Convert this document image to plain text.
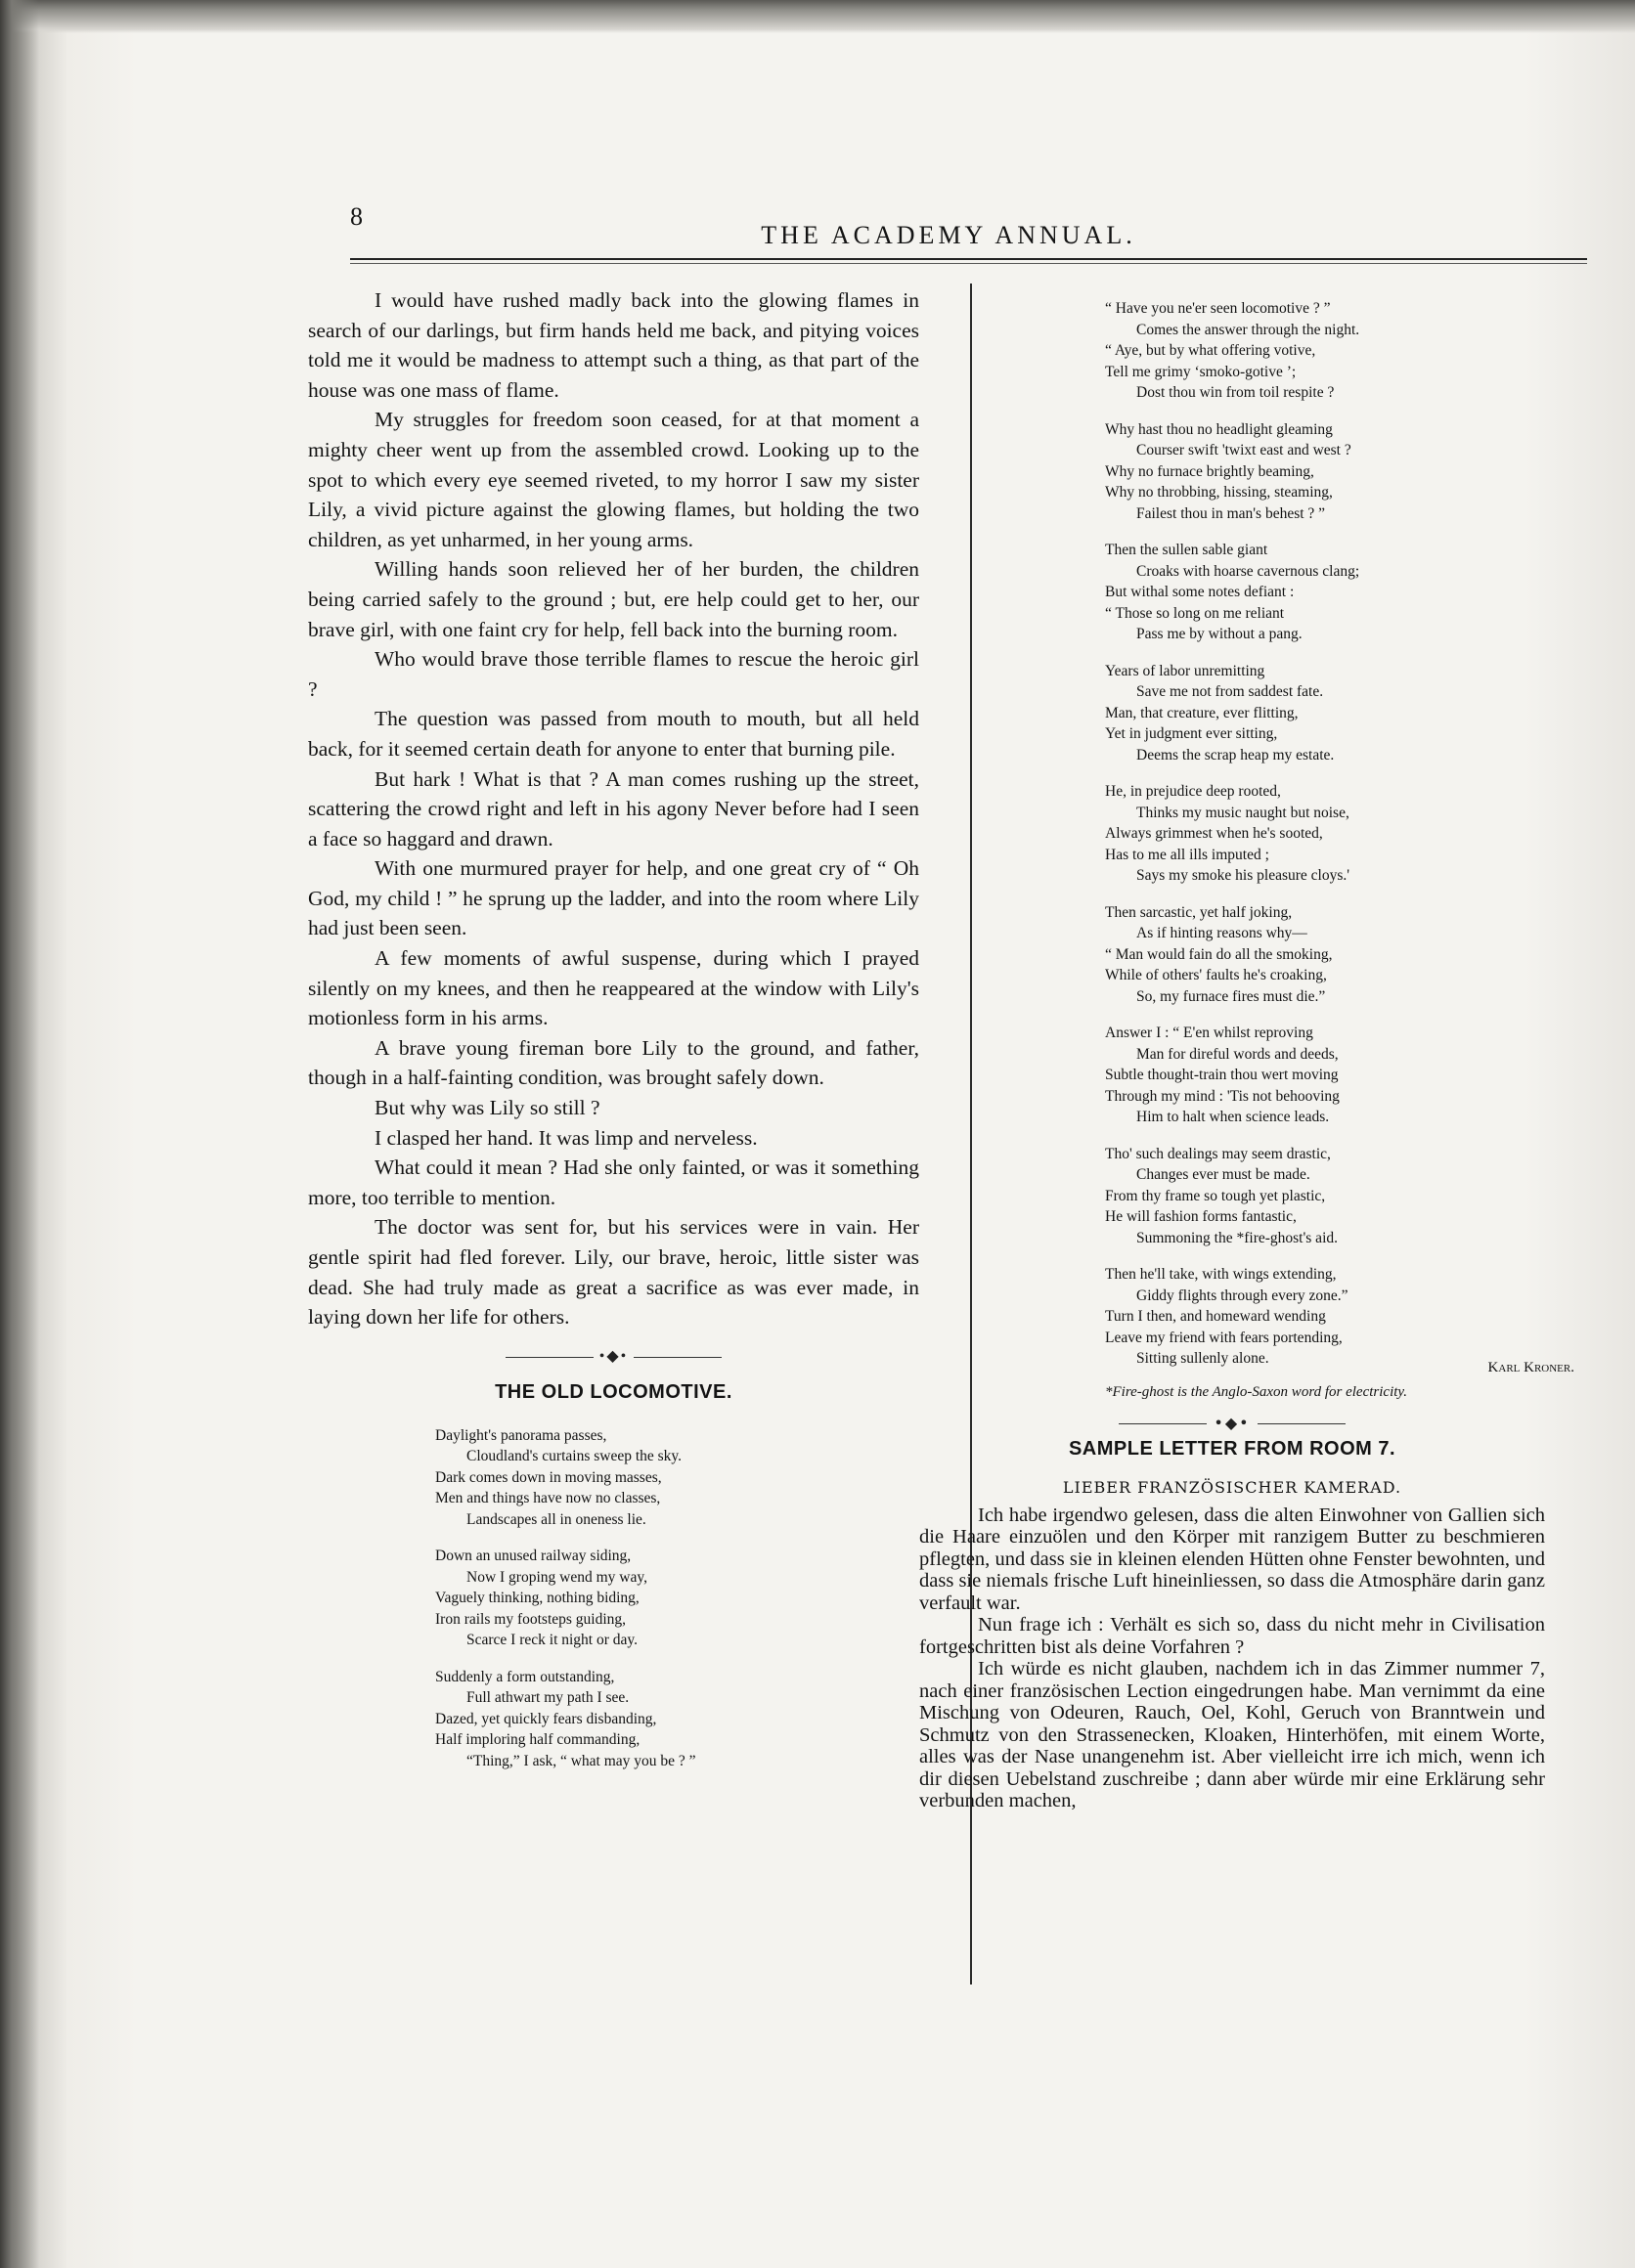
8
THE ACADEMY ANNUAL.

I would have rushed madly back into the glowing flames in search of our darlings, but firm hands held me back, and pitying voices told me it would be madness to attempt such a thing, as that part of the house was one mass of flame.

My struggles for freedom soon ceased, for at that moment a mighty cheer went up from the assembled crowd. Looking up to the spot to which every eye seemed riveted, to my horror I saw my sister Lily, a vivid picture against the glowing flames, but holding the two children, as yet unharmed, in her young arms.

Willing hands soon relieved her of her burden, the children being carried safely to the ground ; but, ere help could get to her, our brave girl, with one faint cry for help, fell back into the burning room.

Who would brave those terrible flames to rescue the heroic girl ?

The question was passed from mouth to mouth, but all held back, for it seemed certain death for anyone to enter that burning pile.

But hark ! What is that ? A man comes rushing up the street, scattering the crowd right and left in his agony Never before had I seen a face so haggard and drawn.

With one murmured prayer for help, and one great cry of “ Oh God, my child ! ” he sprung up the ladder, and into the room where Lily had just been seen.

A few moments of awful suspense, during which I prayed silently on my knees, and then he reappeared at the window with Lily's motionless form in his arms.

A brave young fireman bore Lily to the ground, and father, though in a half-fainting condition, was brought safely down.

But why was Lily so still ?

I clasped her hand. It was limp and nerveless.

What could it mean ? Had she only fainted, or was it something more, too terrible to mention.

The doctor was sent for, but his services were in vain. Her gentle spirit had fled forever. Lily, our brave, heroic, little sister was dead. She had truly made as great a sacrifice as was ever made, in laying down her life for others.

•◆•
THE OLD LOCOMOTIVE.
Daylight's panorama passes,
Cloudland's curtains sweep the sky.
Dark comes down in moving masses,
Men and things have now no classes,
Landscapes all in oneness lie.
Down an unused railway siding,
Now I groping wend my way,
Vaguely thinking, nothing biding,
Iron rails my footsteps guiding,
Scarce I reck it night or day.
Suddenly a form outstanding,
Full athwart my path I see.
Dazed, yet quickly fears disbanding,
Half imploring half commanding,
“Thing,” I ask, “ what may you be ? ”
“ Have you ne'er seen locomotive ? ”
Comes the answer through the night.
“ Aye, but by what offering votive,
Tell me grimy ‘smoko-gotive ’;
Dost thou win from toil respite ?
Why hast thou no headlight gleaming
Courser swift 'twixt east and west ?
Why no furnace brightly beaming,
Why no throbbing, hissing, steaming,
Failest thou in man's behest ? ”
Then the sullen sable giant
Croaks with hoarse cavernous clang;
But withal some notes defiant :
“ Those so long on me reliant
Pass me by without a pang.
Years of labor unremitting
Save me not from saddest fate.
Man, that creature, ever flitting,
Yet in judgment ever sitting,
Deems the scrap heap my estate.
He, in prejudice deep rooted,
Thinks my music naught but noise,
Always grimmest when he's sooted,
Has to me all ills imputed ;
Says my smoke his pleasure cloys.'
Then sarcastic, yet half joking,
As if hinting reasons why—
“ Man would fain do all the smoking,
While of others' faults he's croaking,
So, my furnace fires must die.”
Answer I : “ E'en whilst reproving
Man for direful words and deeds,
Subtle thought-train thou wert moving
Through my mind : 'Tis not behooving
Him to halt when science leads.
Tho' such dealings may seem drastic,
Changes ever must be made.
From thy frame so tough yet plastic,
He will fashion forms fantastic,
Summoning the *fire-ghost's aid.
Then he'll take, with wings extending,
Giddy flights through every zone.”
Turn I then, and homeward wending
Leave my friend with fears portending,
Sitting sullenly alone.
Karl Kroner.
*Fire-ghost is the Anglo-Saxon word for electricity.
•◆•
SAMPLE LETTER FROM ROOM 7.
LIEBER FRANZÖSISCHER KAMERAD.

Ich habe irgendwo gelesen, dass die alten Einwohner von Gallien sich die Haare einzuölen und den Körper mit ranzigem Butter zu beschmieren pflegten, und dass sie in kleinen elenden Hütten ohne Fenster bewohnten, und dass sie niemals frische Luft hineinliessen, so dass die Atmosphäre darin ganz verfault war.

Nun frage ich : Verhält es sich so, dass du nicht mehr in Civilisation fortgeschritten bist als deine Vorfahren ?

Ich würde es nicht glauben, nachdem ich in das Zimmer nummer 7, nach einer französischen Lection eingedrungen habe. Man vernimmt da eine Mischung von Odeuren, Rauch, Oel, Kohl, Geruch von Branntwein und Schmutz von den Strassenecken, Kloaken, Hinterhöfen, mit einem Worte, alles was der Nase unangenehm ist. Aber vielleicht irre ich mich, wenn ich dir diesen Uebelstand zuschreibe ; dann aber würde mir eine Erklärung sehr verbunden machen,
